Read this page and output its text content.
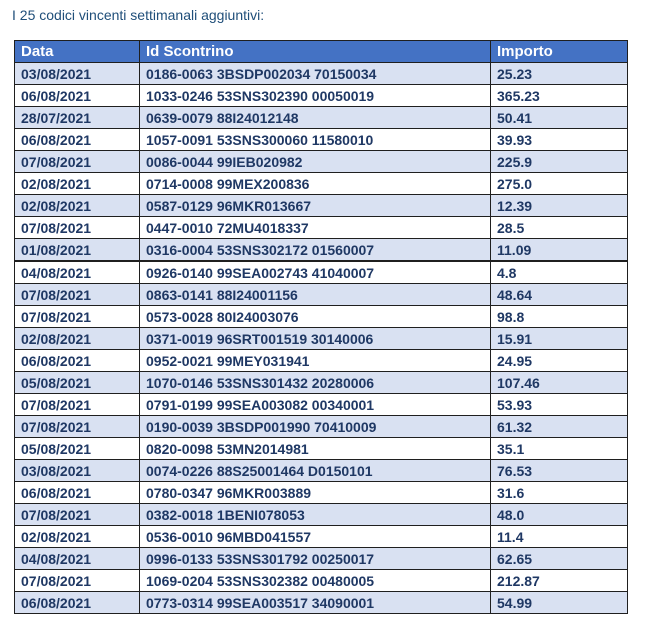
I 25 codici vincenti settimanali aggiuntivi:
Data	Id Scontrino	Importo
03/08/2021	0186-0063 3BSDP002034 70150034	25.23
06/08/2021	1033-0246 53SNS302390 00050019	365.23
28/07/2021	0639-0079 88I24012148	50.41
06/08/2021	1057-0091 53SNS300060 11580010	39.93
07/08/2021	0086-0044 99IEB020982	225.9
02/08/2021	0714-0008 99MEX200836	275.0
02/08/2021	0587-0129 96MKR013667	12.39
07/08/2021	0447-0010 72MU4018337	28.5
01/08/2021	0316-0004 53SNS302172 01560007	11.09
04/08/2021	0926-0140 99SEA002743 41040007	4.8
07/08/2021	0863-0141 88I24001156	48.64
07/08/2021	0573-0028 80I24003076	98.8
02/08/2021	0371-0019 96SRT001519 30140006	15.91
06/08/2021	0952-0021 99MEY031941	24.95
05/08/2021	1070-0146 53SNS301432 20280006	107.46
07/08/2021	0791-0199 99SEA003082 00340001	53.93
07/08/2021	0190-0039 3BSDP001990 70410009	61.32
05/08/2021	0820-0098 53MN2014981	35.1
03/08/2021	0074-0226 88S25001464 D0150101	76.53
06/08/2021	0780-0347 96MKR003889	31.6
07/08/2021	0382-0018 1BENI078053	48.0
02/08/2021	0536-0010 96MBD041557	11.4
04/08/2021	0996-0133 53SNS301792 00250017	62.65
07/08/2021	1069-0204 53SNS302382 00480005	212.87
06/08/2021	0773-0314 99SEA003517 34090001	54.99
